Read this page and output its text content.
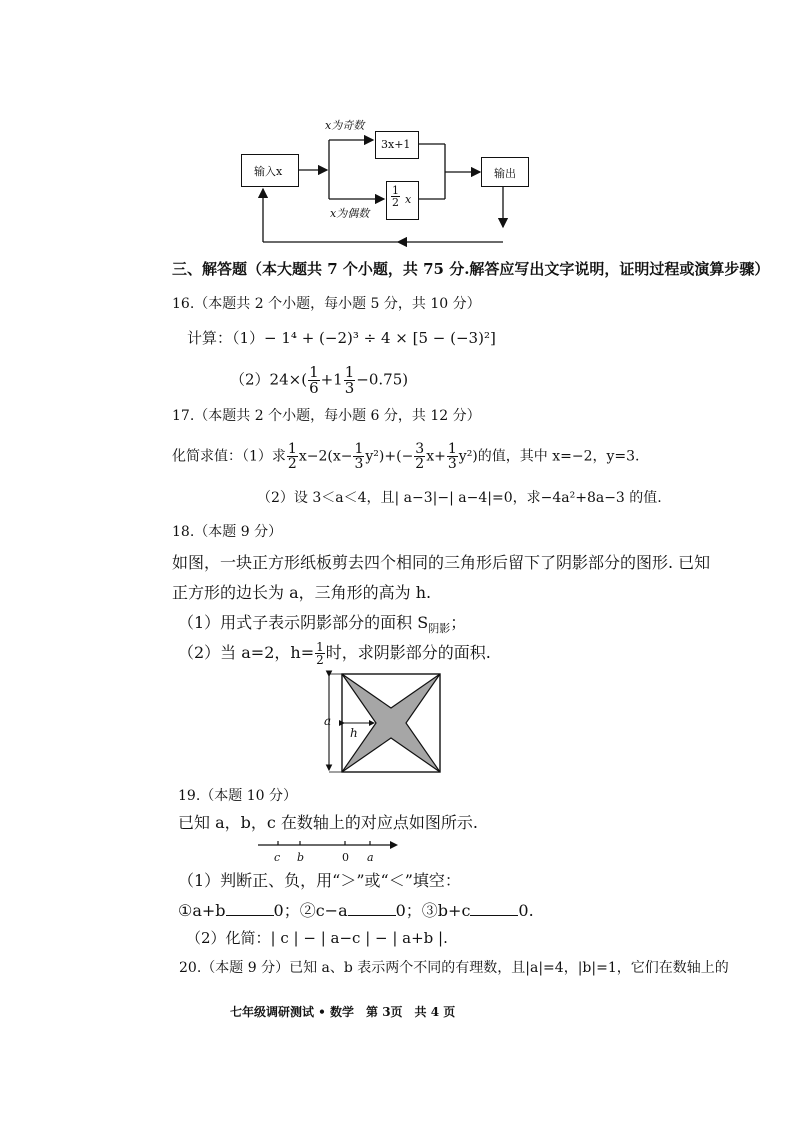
输入x
x为奇数
3x+1
$\frac{1}{2}$ x
x为偶数
输出
三、解答题（本大题共 7 个小题，共 75 分.解答应写出文字说明，证明过程或演算步骤）
16.（本题共 2 个小题，每小题 5 分，共 10 分）
计算：（1）− 1⁴ + (−2)³ ÷ 4 × [5 − (−3)²]
$(2)24\times( \frac{1}{6} +1 \frac{1}{3} -0.75)$
17.（本题共 2 个小题，每小题 6 分，共 12 分）
化简求值：（1）求 $\frac{1}{2} x-2(x- \frac{1}{3} y^2)+(- \frac{3}{2} x+ \frac{1}{3} y^2)$的值，其中 x=−2，y=3.
（2）设 3＜a＜4，且| a−3|−| a−4|=0，求−4a²+8a−3 的值.
18.（本题 9 分）
如图，一块正方形纸板剪去四个相同的三角形后留下了阴影部分的图形. 已知
正方形的边长为 a，三角形的高为 h.
（1）用式子表示阴影部分的面积 $S_{阴影}$；
（2）当 a=2，$h= \frac{1}{2}$ 时，求阴影部分的面积.
a
h
19.（本题 10 分）
已知 a，b，c 在数轴上的对应点如图所示.
c b	0 a
（1）判断正、负，用“＞”或“＜”填空：
①a+b	0；②c−a	0；③b+c	0.
（2）化简：| c | − | a−c | − | a+b |.
20.（本题 9 分）已知 a、b 表示两个不同的有理数，且|a|=4，|b|=1，它们在数轴上的
七年级调研测试 • 数学　第 3页　共 4 页
